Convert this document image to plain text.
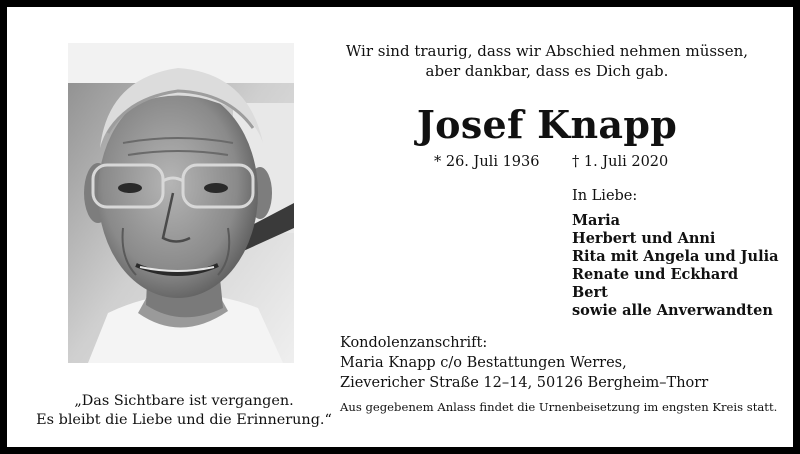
„Das Sichtbare ist vergangen.
Es bleibt die Liebe und die Erinnerung.“
Wir sind traurig, dass wir Abschied nehmen müssen,
aber dankbar, dass es Dich gab.
Josef Knapp
* 26. Juli 1936 † 1. Juli 2020
In Liebe:
Maria
Herbert und Anni
Rita mit Angela und Julia
Renate und Eckhard
Bert
sowie alle Anverwandten
Kondolenzanschrift:
Maria Knapp c/o Bestattungen Werres,
Zievericher Straße 12–14, 50126 Bergheim–Thorr
Aus gegebenem Anlass findet die Urnenbeisetzung im engsten Kreis statt.
